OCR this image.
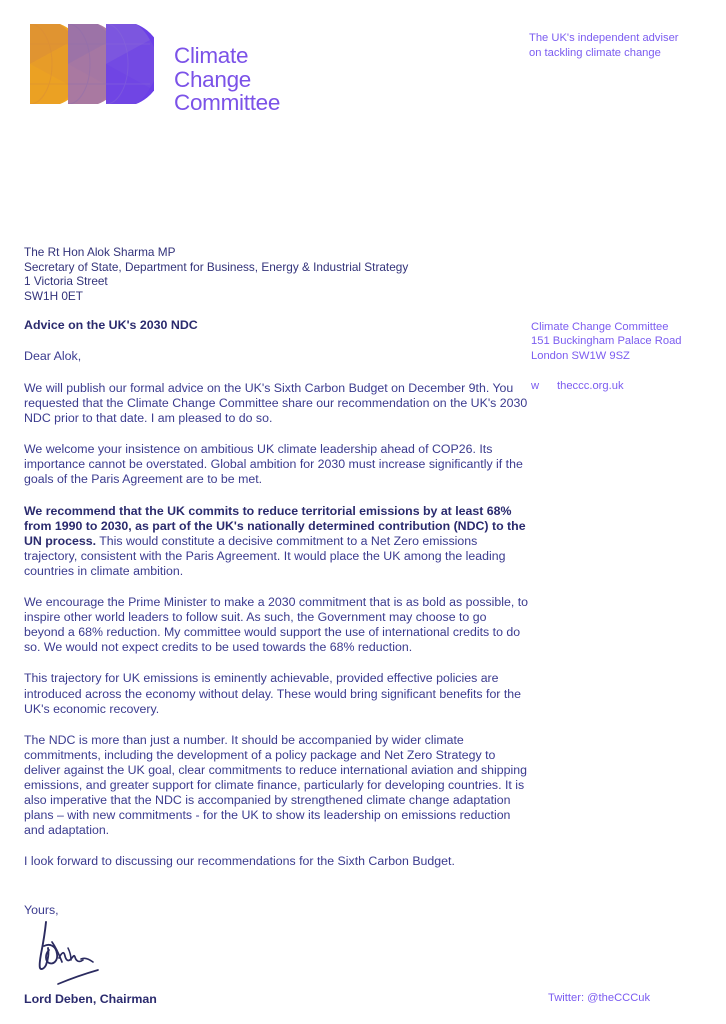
Climate
Change
Committee
The UK's independent adviser
on tackling climate change
The Rt Hon Alok Sharma MP
Secretary of State, Department for Business, Energy & Industrial Strategy
1 Victoria Street
SW1H 0ET
Climate Change Committee
151 Buckingham Palace Road
London SW1W 9SZ
w theccc.org.uk

Advice on the UK's 2030 NDC

Dear Alok,

We will publish our formal advice on the UK's Sixth Carbon Budget on December 9th. You requested that the Climate Change Committee share our recommendation on the UK's 2030 NDC prior to that date. I am pleased to do so.

We welcome your insistence on ambitious UK climate leadership ahead of COP26. Its importance cannot be overstated. Global ambition for 2030 must increase significantly if the goals of the Paris Agreement are to be met.

We recommend that the UK commits to reduce territorial emissions by at least 68% from 1990 to 2030, as part of the UK's nationally determined contribution (NDC) to the UN process. This would constitute a decisive commitment to a Net Zero emissions trajectory, consistent with the Paris Agreement. It would place the UK among the leading countries in climate ambition.

We encourage the Prime Minister to make a 2030 commitment that is as bold as possible, to inspire other world leaders to follow suit. As such, the Government may choose to go beyond a 68% reduction. My committee would support the use of international credits to do so. We would not expect credits to be used towards the 68% reduction.

This trajectory for UK emissions is eminently achievable, provided effective policies are introduced across the economy without delay. These would bring significant benefits for the UK's economic recovery.

The NDC is more than just a number. It should be accompanied by wider climate commitments, including the development of a policy package and Net Zero Strategy to deliver against the UK goal, clear commitments to reduce international aviation and shipping emissions, and greater support for climate finance, particularly for developing countries. It is also imperative that the NDC is accompanied by strengthened climate change adaptation plans – with new commitments - for the UK to show its leadership on emissions reduction and adaptation.

I look forward to discussing our recommendations for the Sixth Carbon Budget.

Yours,
Lord Deben, Chairman	Twitter: @theCCCuk
